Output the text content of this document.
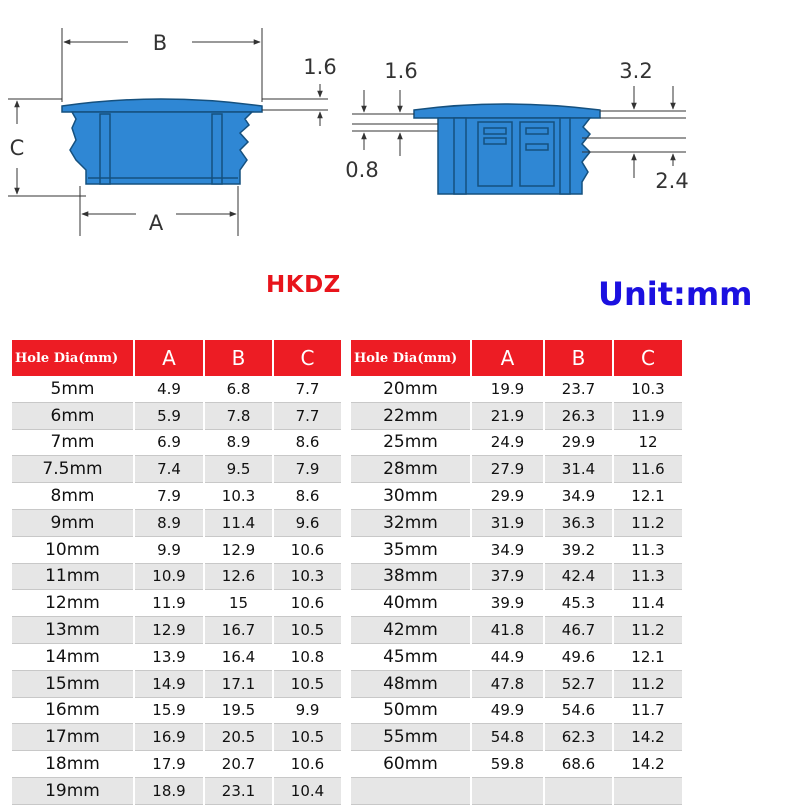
B
C
A
1.6 1.6
0.8
3.2
2.4

HKDZ	Unit:mm

Hole Dia(mm)	A	B	C
5mm	4.9	6.8	7.7
6mm	5.9	7.8	7.7
7mm	6.9	8.9	8.6
7.5mm	7.4	9.5	7.9
8mm	7.9	10.3	8.6
9mm	8.9	11.4	9.6
10mm	9.9	12.9	10.6
11mm	10.9	12.6	10.3
12mm	11.9	15	10.6
13mm	12.9	16.7	10.5
14mm	13.9	16.4	10.8
15mm	14.9	17.1	10.5
16mm	15.9	19.5	9.9
17mm	16.9	20.5	10.5
18mm	17.9	20.7	10.6
19mm	18.9	23.1	10.4
Hole Dia(mm)	A	B	C
20mm	19.9	23.7	10.3
22mm	21.9	26.3	11.9
25mm	24.9	29.9	12
28mm	27.9	31.4	11.6
30mm	29.9	34.9	12.1
32mm	31.9	36.3	11.2
35mm	34.9	39.2	11.3
38mm	37.9	42.4	11.3
40mm	39.9	45.3	11.4
42mm	41.8	46.7	11.2
45mm	44.9	49.6	12.1
48mm	47.8	52.7	11.2
50mm	49.9	54.6	11.7
55mm	54.8	62.3	14.2
60mm	59.8	68.6	14.2
